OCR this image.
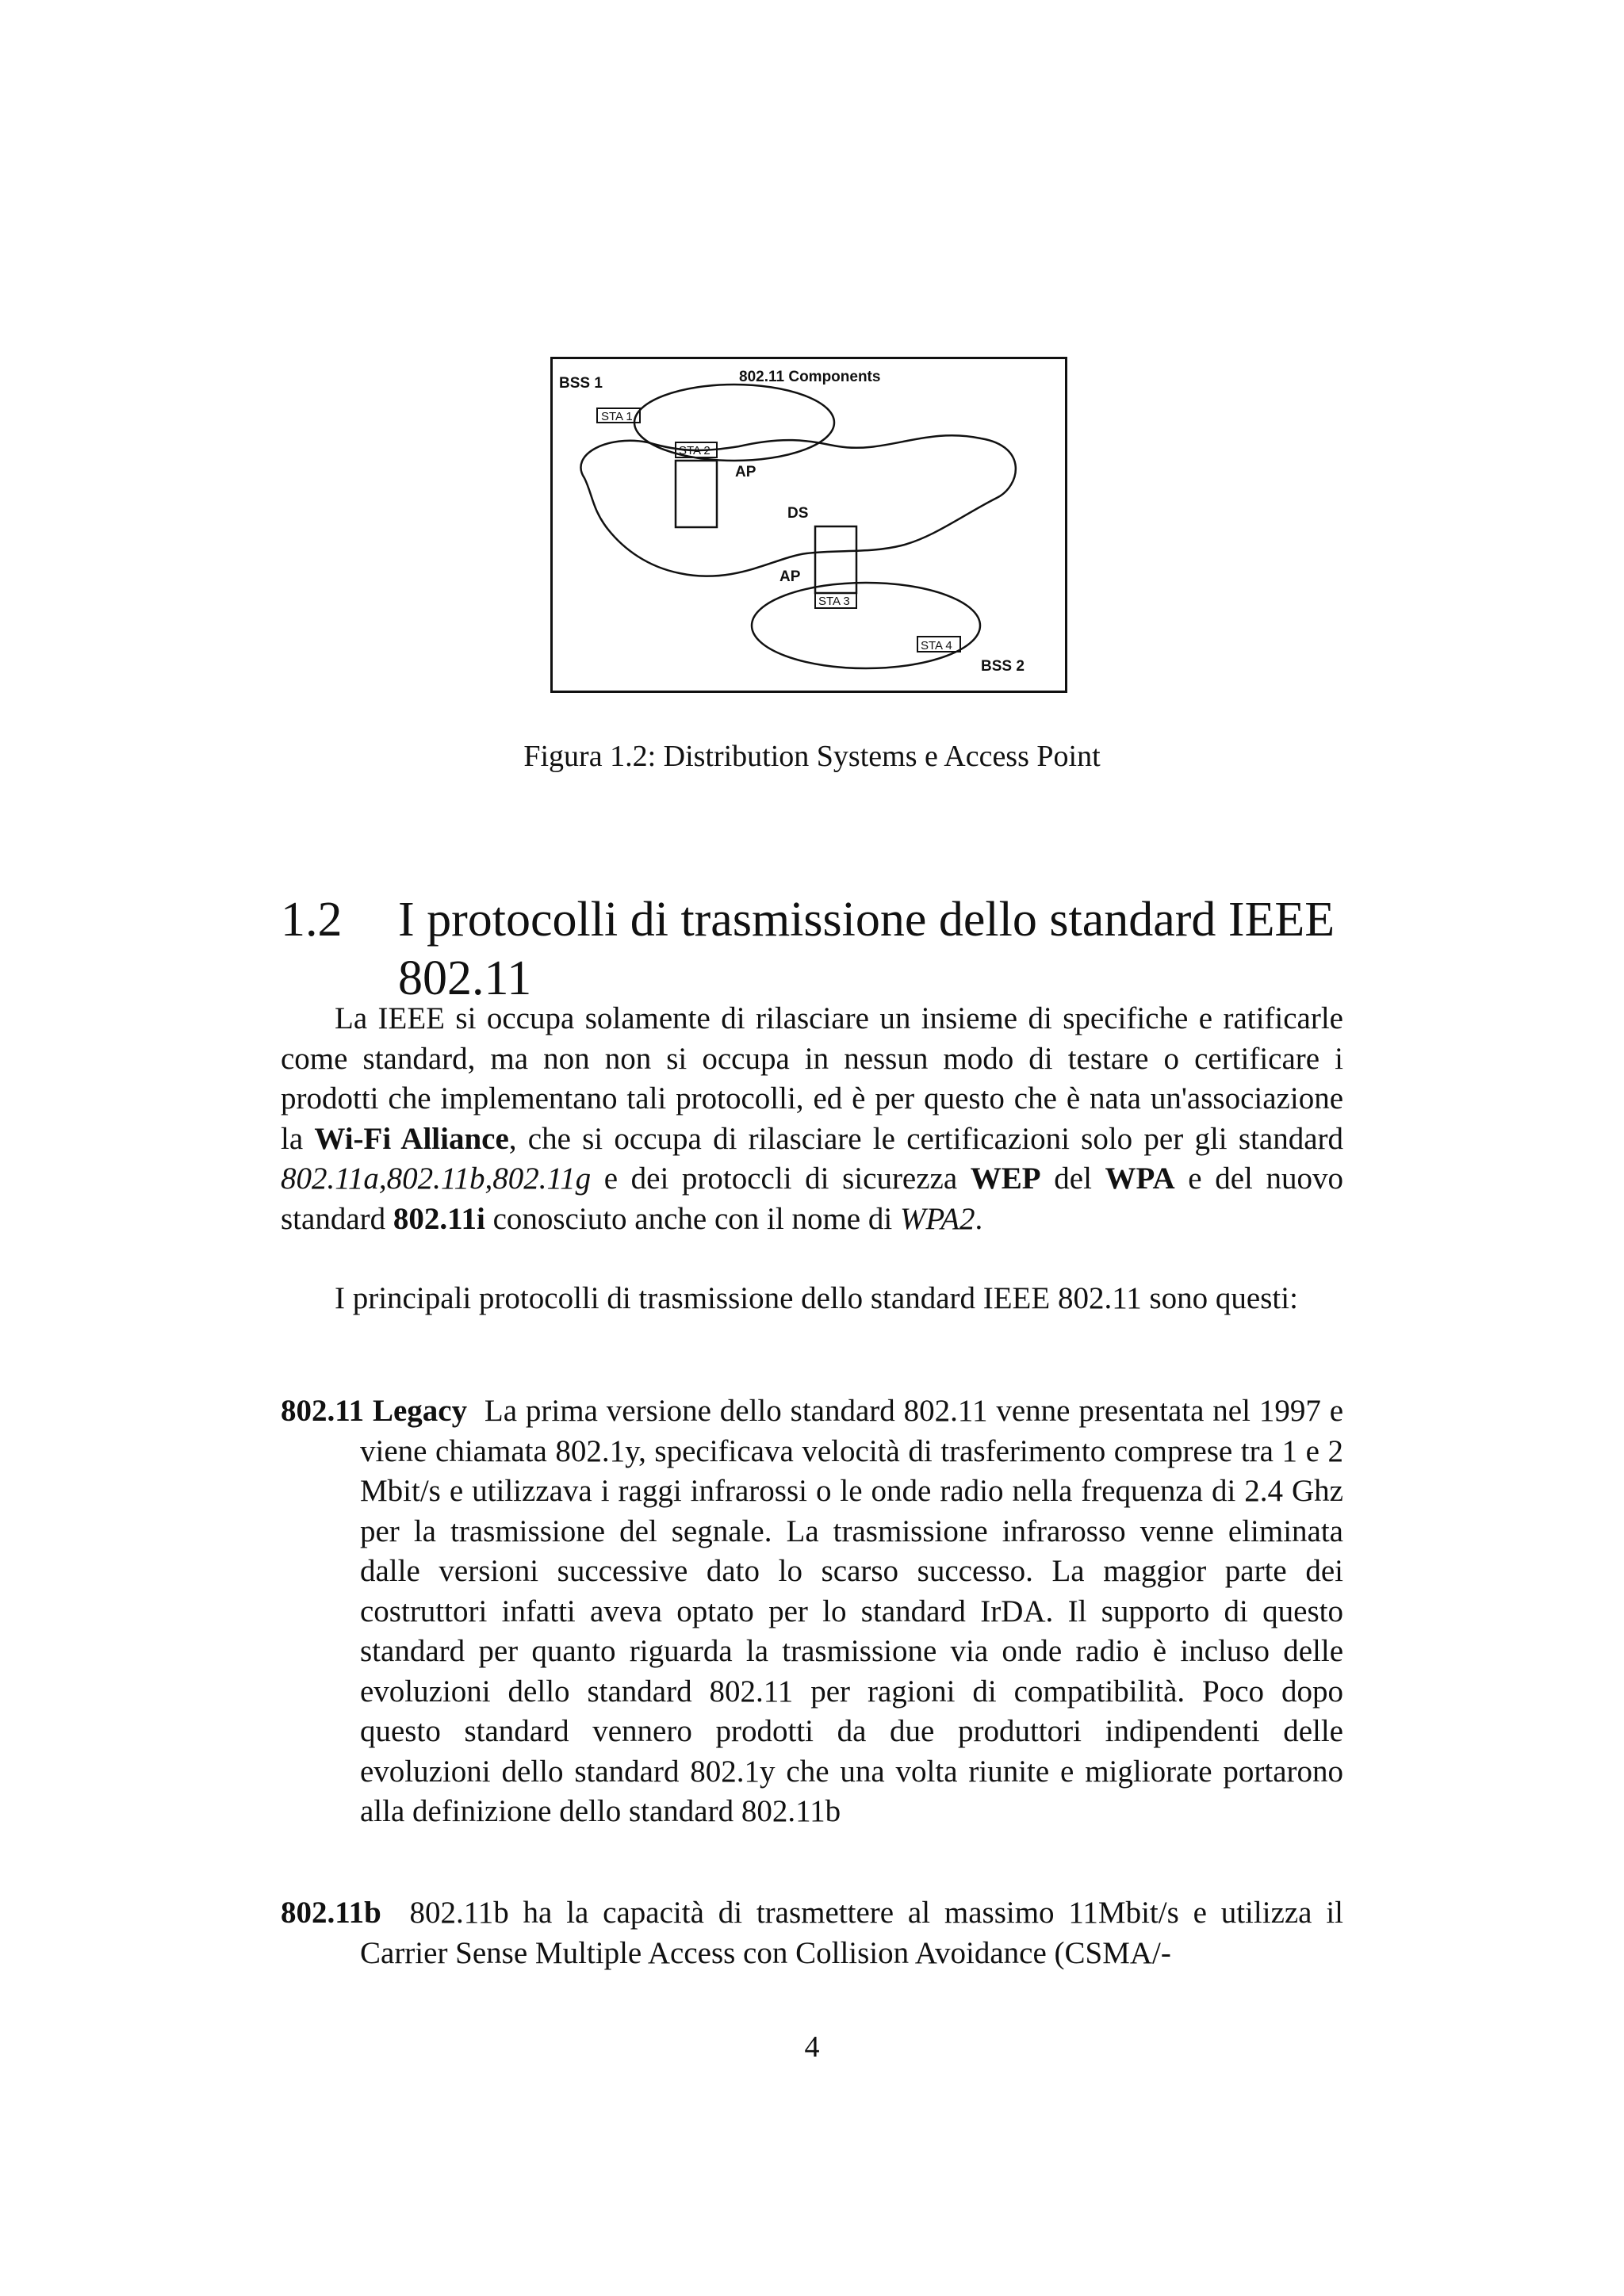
802.11 Components
BSS 1
STA 1
STA 2
AP
DS
AP
STA 3
STA 4
BSS 2
Figura 1.2: Distribution Systems e Access Point
1.2 I protocolli di trasmissione dello standard IEEE 802.11

La IEEE si occupa solamente di rilasciare un insieme di specifiche e ratificarle come standard, ma non non si occupa in nessun modo di testare o certificare i prodotti che implementano tali protocolli, ed è per questo che è nata un'associazione la Wi-Fi Alliance, che si occupa di rilasciare le certificazioni solo per gli standard 802.11a,802.11b,802.11g e dei protoccli di sicurezza WEP del WPA e del nuovo standard 802.11i conosciuto anche con il nome di WPA2.

I principali protocolli di trasmissione dello standard IEEE 802.11 sono questi:

802.11 Legacy La prima versione dello standard 802.11 venne presentata nel 1997 e viene chiamata 802.1y, specificava velocità di trasferimento comprese tra 1 e 2 Mbit/s e utilizzava i raggi infrarossi o le onde radio nella frequenza di 2.4 Ghz per la trasmissione del segnale. La trasmissione infrarosso venne eliminata dalle versioni successive dato lo scarso successo. La maggior parte dei costruttori infatti aveva optato per lo standard IrDA. Il supporto di questo standard per quanto riguarda la trasmissione via onde radio è incluso delle evoluzioni dello standard 802.11 per ragioni di compatibilità. Poco dopo questo standard vennero prodotti da due produttori indipendenti delle evoluzioni dello standard 802.1y che una volta riunite e migliorate portarono alla definizione dello standard 802.11b

802.11b 802.11b ha la capacità di trasmettere al massimo 11Mbit/s e utilizza il Carrier Sense Multiple Access con Collision Avoidance (CSMA/-

4
